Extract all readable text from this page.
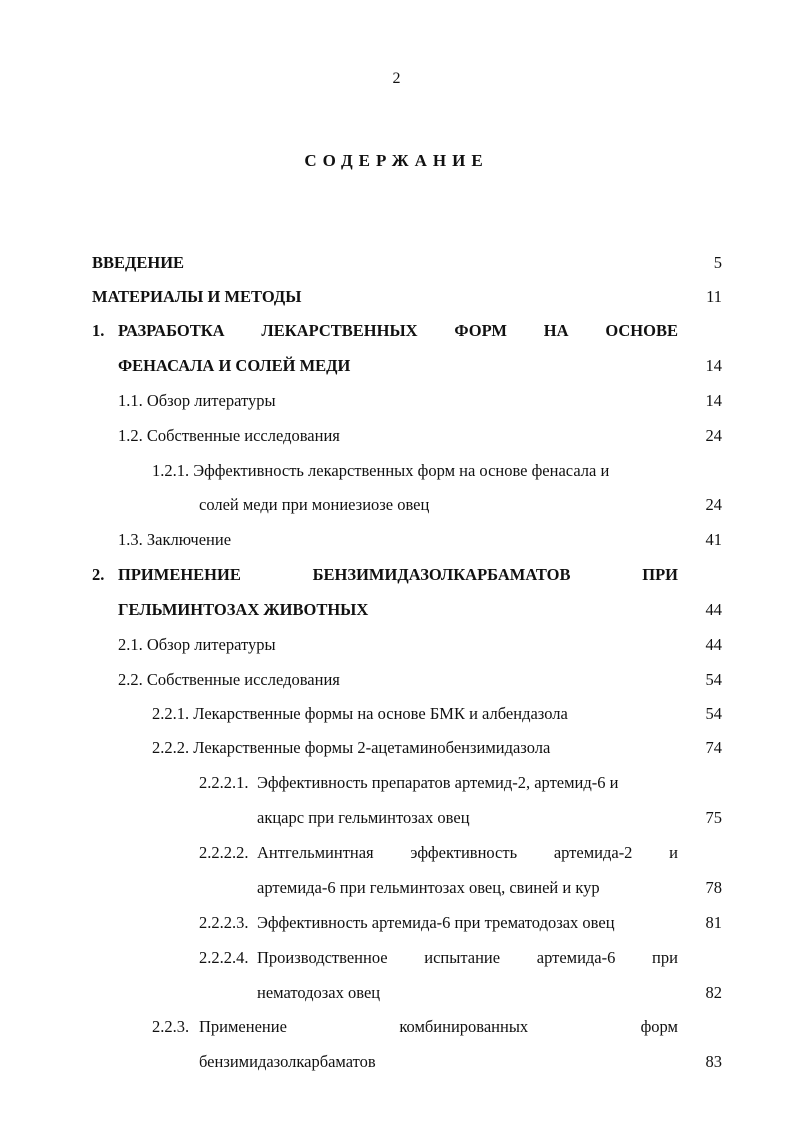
2
СОДЕРЖАНИЕ
ВВЕДЕНИЕ	5
МАТЕРИАЛЫ И МЕТОДЫ	11
1. РАЗРАБОТКА ЛЕКАРСТВЕННЫХ ФОРМ НА ОСНОВЕ
ФЕНАСАЛА И СОЛЕЙ МЕДИ	14
1.1. Обзор литературы	14
1.2. Собственные исследования	24
1.2.1. Эффективность лекарственных форм на основе фенасала и
солей меди при мониезиозе овец	24
1.3. Заключение	41
2. ПРИМЕНЕНИЕ	БЕНЗИМИДАЗОЛКАРБАМАТОВ	ПРИ
ГЕЛЬМИНТОЗАХ ЖИВОТНЫХ	44
2.1. Обзор литературы	44
2.2. Собственные исследования	54
2.2.1. Лекарственные формы на основе БМК и албендазола	54
2.2.2. Лекарственные формы 2-ацетаминобензимидазола	74
2.2.2.1. Эффективность препаратов артемид-2, артемид-6 и
акцарс при гельминтозах овец	75
2.2.2.2. Антгельминтная эффективность артемида-2 и
артемида-6 при гельминтозах овец, свиней и кур	78
2.2.2.3. Эффективность артемида-6 при трематодозах овец	81
2.2.2.4. Производственное испытание артемида-6 при
нематодозах овец	82
2.2.3. Применение	комбинированных	форм
бензимидазолкарбаматов	83
